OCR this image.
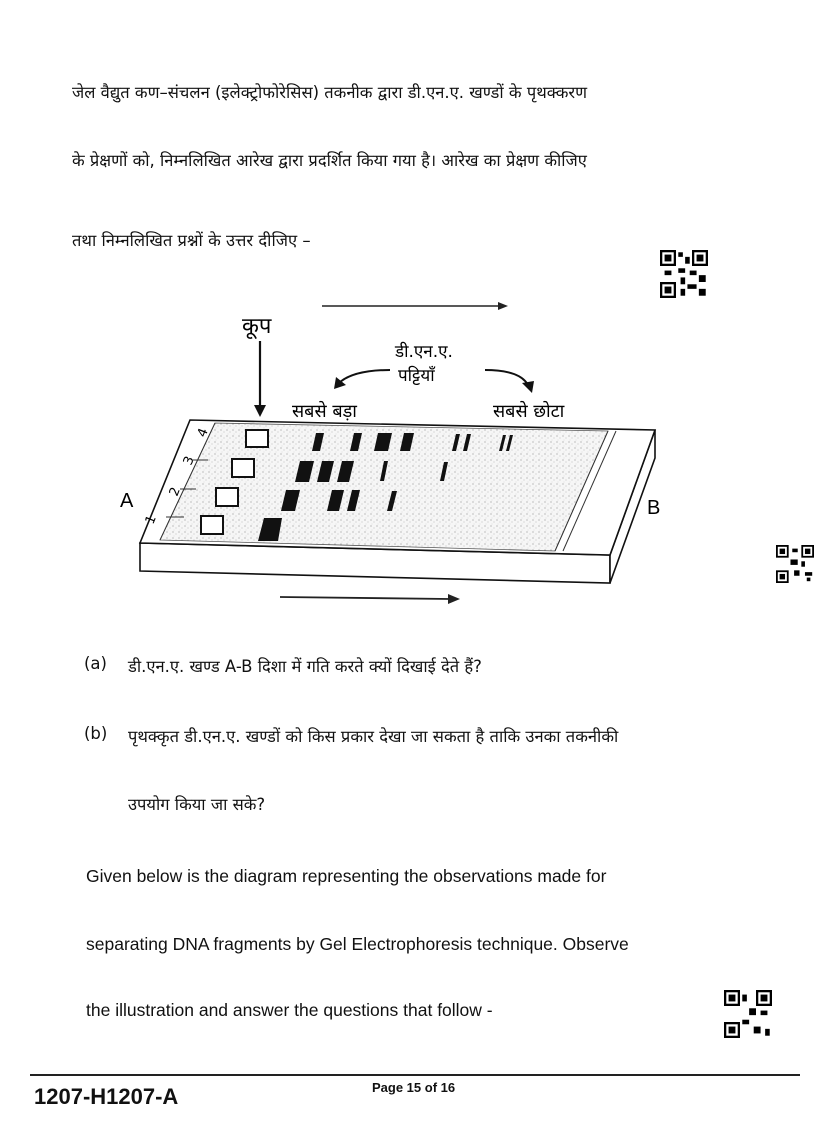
जेल वैद्युत कण–संचलन (इलेक्ट्रोफोरेसिस) तकनीक द्वारा डी.एन.ए. खण्डों के पृथक्करण
के प्रेक्षणों को, निम्नलिखित आरेख द्वारा प्रदर्शित किया गया है। आरेख का प्रेक्षण कीजिए
तथा निम्नलिखित प्रश्नों के उत्तर दीजिए –
कूप
डी.एन.ए.
पट्टियाँ
सबसे बड़ा	सबसे छोटा
A	B
1
2
3
4
(a) डी.एन.ए. खण्ड A-B दिशा में गति करते क्यों दिखाई देते हैं?
(b) पृथक्कृत डी.एन.ए. खण्डों को किस प्रकार देखा जा सकता है ताकि उनका तकनीकी
उपयोग किया जा सके?
Given below is the diagram representing the observations made for
separating DNA fragments by Gel Electrophoresis technique. Observe
the illustration and answer the questions that follow -
1207-H1207-A	Page 15 of 16
